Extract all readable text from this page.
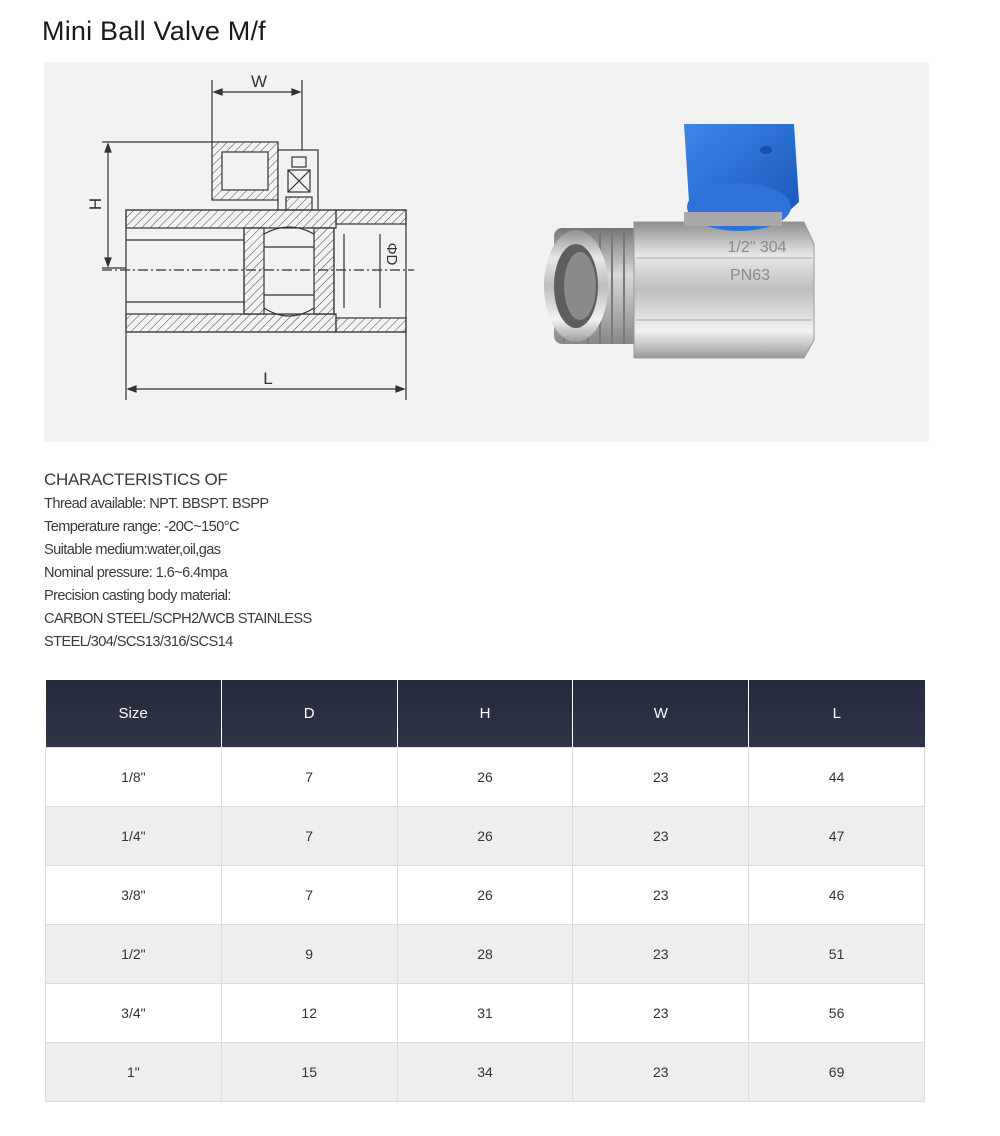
Mini Ball Valve M/f
W
H
ΦD
L
1/2" 304
PN63
CHARACTERISTICS OF
Thread available: NPT. BBSPT. BSPP
Temperature range: -20C~150°C
Suitable medium:water,oil,gas
Nominal pressure: 1.6~6.4mpa
Precision casting body material:
CARBON STEEL/SCPH2/WCB STAINLESS
STEEL/304/SCS13/316/SCS14
Size	D	H	W	L
1/8"	7	26	23	44
1/4"	7	26	23	47
3/8"	7	26	23	46
1/2"	9	28	23	51
3/4"	12	31	23	56
1"	15	34	23	69
